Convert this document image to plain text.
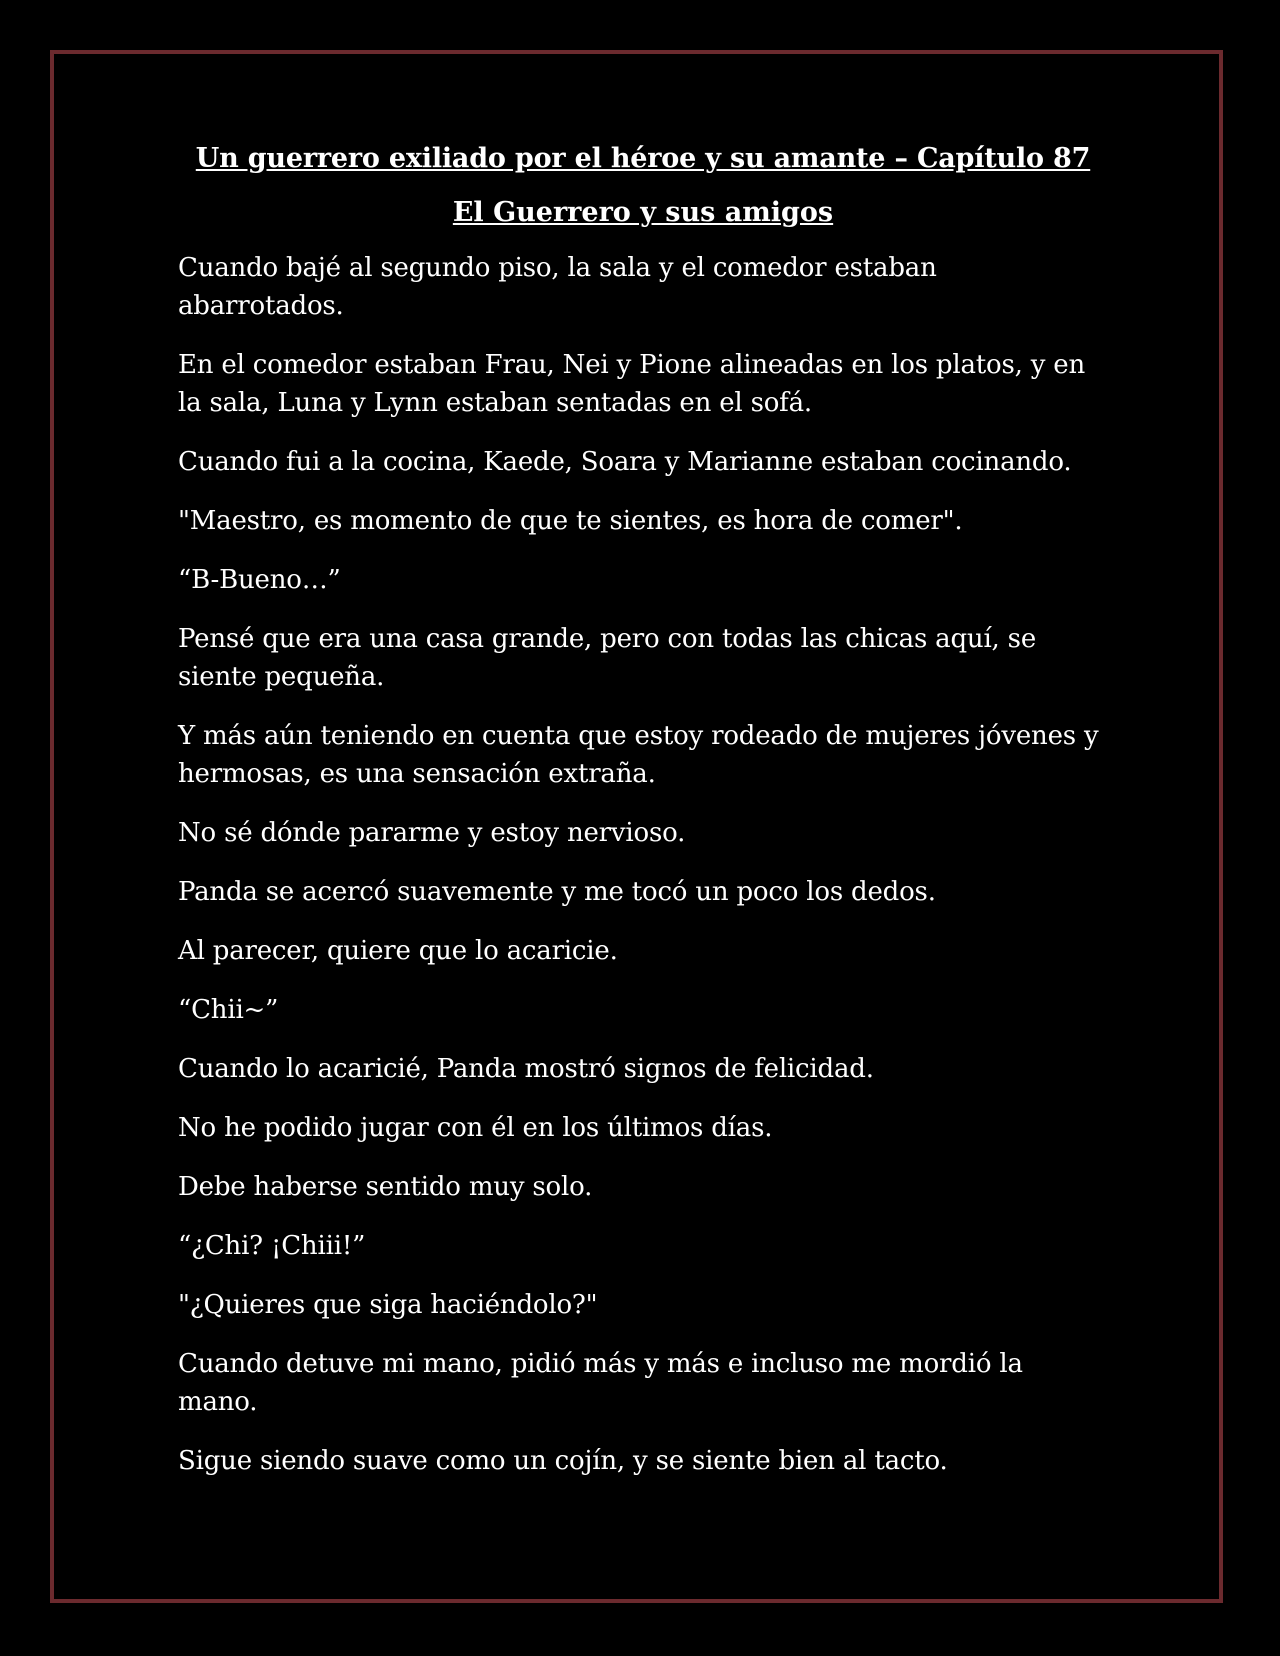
Un guerrero exiliado por el héroe y su amante – Capítulo 87
El Guerrero y sus amigos
Cuando bajé al segundo piso, la sala y el comedor estaban abarrotados.
En el comedor estaban Frau, Nei y Pione alineadas en los platos, y en la sala, Luna y Lynn estaban sentadas en el sofá.
Cuando fui a la cocina, Kaede, Soara y Marianne estaban cocinando.
"Maestro, es momento de que te sientes, es hora de comer".
“B-Bueno…”
Pensé que era una casa grande, pero con todas las chicas aquí, se siente pequeña.
Y más aún teniendo en cuenta que estoy rodeado de mujeres jóvenes y hermosas, es una sensación extraña.
No sé dónde pararme y estoy nervioso.
Panda se acercó suavemente y me tocó un poco los dedos.
Al parecer, quiere que lo acaricie.
“Chii~”
Cuando lo acaricié, Panda mostró signos de felicidad.
No he podido jugar con él en los últimos días.
Debe haberse sentido muy solo.
“¿Chi? ¡Chiii!”
"¿Quieres que siga haciéndolo?"
Cuando detuve mi mano, pidió más y más e incluso me mordió la mano.
Sigue siendo suave como un cojín, y se siente bien al tacto.
